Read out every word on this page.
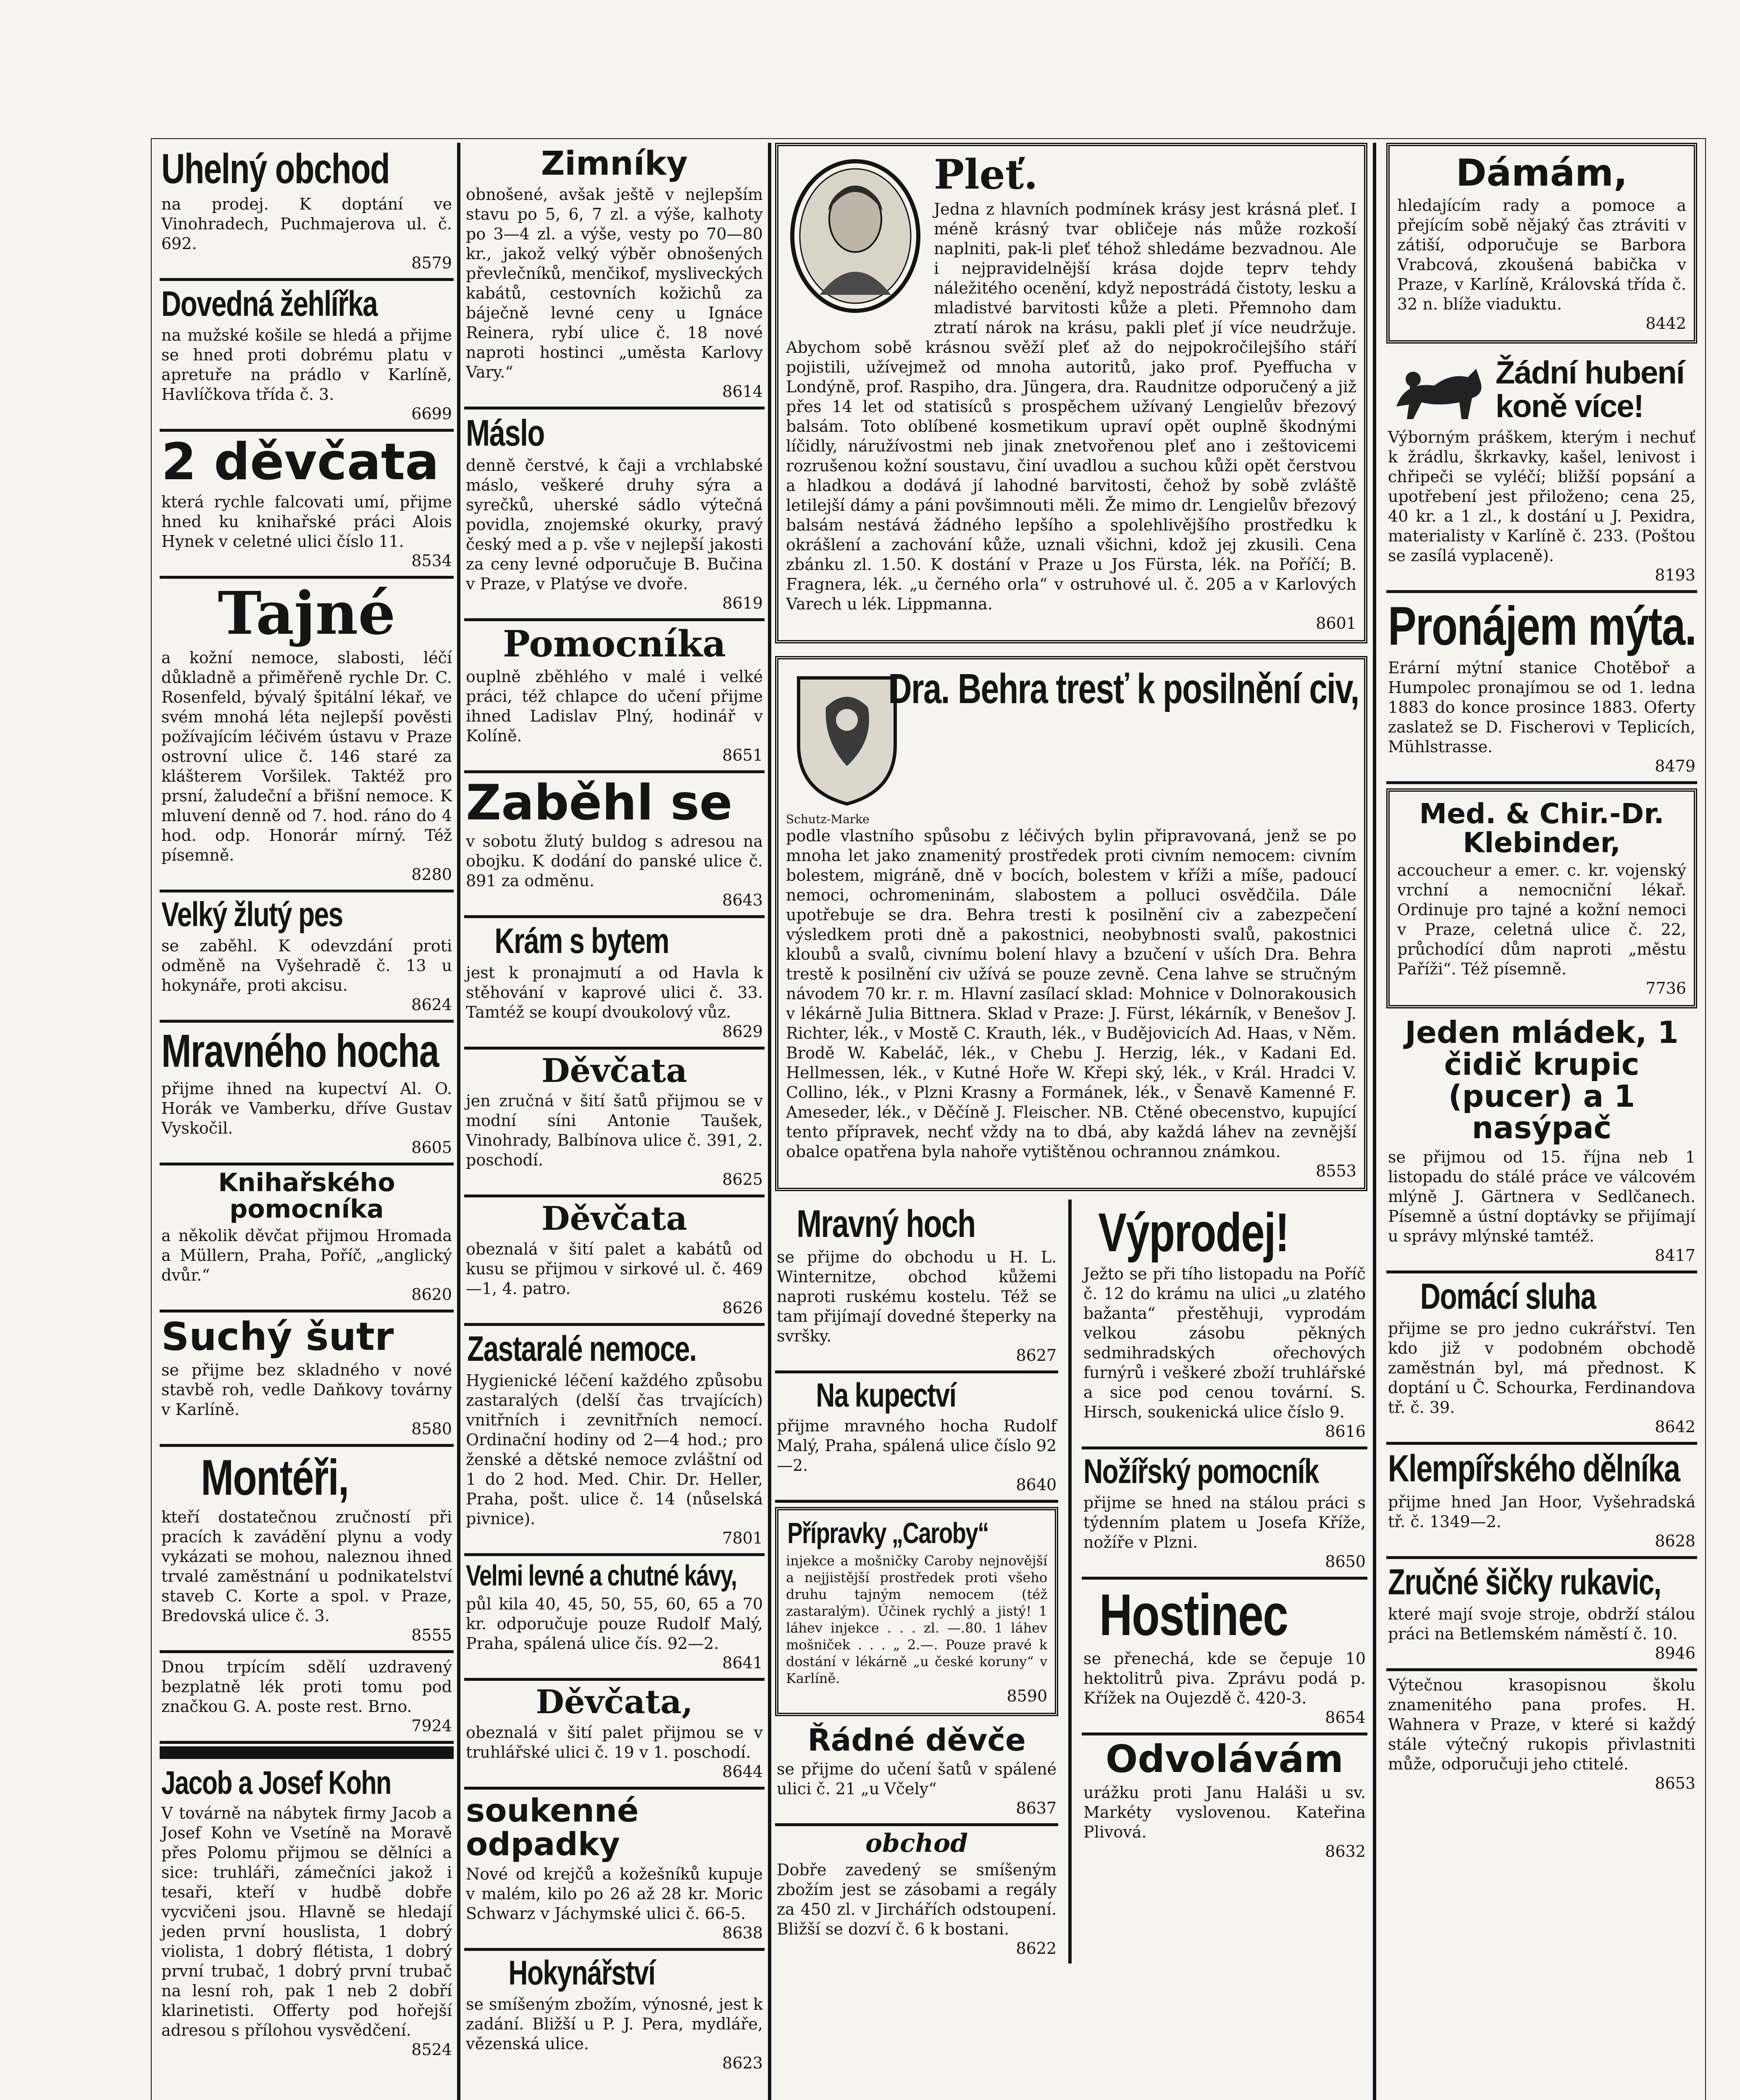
Uhelný obchod

na prodej. K doptání ve Vinohradech, Puchmajerova ul. č. 692.

8579

Dovedná žehlířka

na mužské košile se hledá a přijme se hned proti dobrému platu v apretuře na prádlo v Karlíně, Havlíčkova třída č. 3.

6699

2 děvčata

která rychle falcovati umí, přijme hned ku knihařské práci Alois Hynek v celetné ulici číslo 11.

8534

Tajné

a kožní nemoce, slabosti, léčí důkladně a přiměřeně rychle Dr. C. Rosenfeld, bývalý špitální lékař, ve svém mnohá léta nejlepší pověsti požívajícím léčivém ústavu v Praze ostrovní ulice č. 146 staré za klášterem Voršilek. Taktéž pro prsní, žaludeční a břišní nemoce. K mluvení denně od 7. hod. ráno do 4 hod. odp. Honorár mírný. Též písemně.

8280

Velký žlutý pes

se zaběhl. K odevzdání proti odměně na Vyšehradě č. 13 u hokynáře, proti akcisu.

8624

Mravného hocha

přijme ihned na kupectví Al. O. Horák ve Vamberku, dříve Gustav Vyskočil.

8605

Knihařského pomocníka

a několik děvčat přijmou Hromada a Müllern, Praha, Poříč, „anglický dvůr.“

8620

Suchý šutr

se přijme bez skladného v nové stavbě roh, vedle Daňkovy továrny v Karlíně.

8580

Montéři,

kteří dostatečnou zručností při pracích k zavádění plynu a vody vykázati se mohou, naleznou ihned trvalé zaměstnání u podnikatelství staveb C. Korte a spol. v Praze, Bredovská ulice č. 3.

8555

Dnou trpícím sdělí uzdravený bezplatně lék proti tomu pod značkou G. A. poste rest. Brno.

7924

Jacob a Josef Kohn

V továrně na nábytek firmy Jacob a Josef Kohn ve Vsetíně na Moravě přes Polomu přijmou se dělníci a sice: truhláři, zámečníci jakož i tesaři, kteří v hudbě dobře vycvičeni jsou. Hlavně se hledají jeden první houslista, 1 dobrý violista, 1 dobrý flétista, 1 dobrý první trubač, 1 dobrý první trubač na lesní roh, pak 1 neb 2 dobří klarinetisti. Offerty pod hořejší adresou s přílohou vysvědčení.

8524

Zimníky

obnošené, avšak ještě v nejlepším stavu po 5, 6, 7 zl. a výše, kalhoty po 3—4 zl. a výše, vesty po 70—80 kr., jakož velký výběr obnošených převlečníků, menčikof, mysliveckých kabátů, cestovních kožichů za báječně levné ceny u Ignáce Reinera, rybí ulice č. 18 nové naproti hostinci „uměsta Karlovy Vary.“

8614

Máslo

denně čerstvé, k čaji a vrchlabské máslo, veškeré druhy sýra a syrečků, uherské sádlo výtečná povidla, znojemské okurky, pravý český med a p. vše v nejlepší jakosti za ceny levné odporučuje B. Bučina v Praze, v Platýse ve dvoře.

8619

Pomocníka

ouplně zběhlého v malé i velké práci, též chlapce do učení přijme ihned Ladislav Plný, hodinář v Kolíně.

8651

Zaběhl se

v sobotu žlutý buldog s adresou na obojku. K dodání do panské ulice č. 891 za odměnu.

8643

Krám s bytem

jest k pronajmutí a od Havla k stěhování v kaprové ulici č. 33. Tamtéž se koupí dvoukolový vůz.

8629

Děvčata

jen zručná v šití šatů přijmou se v modní síni Antonie Taušek, Vinohrady, Balbínova ulice č. 391, 2. poschodí.

8625

Děvčata

obeznalá v šití palet a kabátů od kusu se přijmou v sirkové ul. č. 469—1, 4. patro.

8626

Zastaralé nemoce.

Hygienické léčení každého způsobu zastaralých (delší čas trvajících) vnitřních i zevnitřních nemocí. Ordinační hodiny od 2—4 hod.; pro ženské a dětské nemoce zvláštní od 1 do 2 hod. Med. Chir. Dr. Heller, Praha, pošt. ulice č. 14 (nůselská pivnice).

7801

Velmi levné a chutné kávy,

půl kila 40, 45, 50, 55, 60, 65 a 70 kr. odporučuje pouze Rudolf Malý, Praha, spálená ulice čís. 92—2.

8641

Děvčata,

obeznalá v šití palet přijmou se v truhlářské ulici č. 19 v 1. poschodí.

8644

soukenné odpadky

Nové od krejčů a kožešníků kupuje v malém, kilo po 26 až 28 kr. Moric Schwarz v Jáchymské ulici č. 66-5.

8638

Hokynářství

se smíšeným zbožím, výnosné, jest k zadání. Bližší u P. J. Pera, mydláře, vězenská ulice.

8623

Pleť.

Jedna z hlavních podmínek krásy jest krásná pleť. I méně krásný tvar obličeje nás může rozkoší naplniti, pak-li pleť téhož shledáme bezvadnou. Ale i nejpravidelnější krása dojde teprv tehdy náležitého ocenění, když nepostrádá čistoty, lesku a mladistvé barvitosti kůže a pleti. Přemnoho dam ztratí nárok na krásu, pakli pleť jí více neudržuje. Abychom sobě krásnou svěží pleť až do nejpokročilejšího stáří pojistili, užívejmež od mnoha autoritů, jako prof. Pyeffucha v Londýně, prof. Raspiho, dra. Jüngera, dra. Raudnitze odporučený a již přes 14 let od statisíců s prospěchem užívaný Lengielův březový balsám. Toto oblíbené kosmetikum upraví opět ouplně škodnými líčidly, náružívostmi neb jinak znetvořenou pleť ano i zeštovicemi rozrušenou kožní soustavu, činí uvadlou a suchou kůži opět čerstvou a hladkou a dodává jí lahodné barvitosti, čehož by sobě zvláště letilejší dámy a páni povšimnouti měli. Že mimo dr. Lengielův březový balsám nestává žádného lepšího a spolehlivějšího prostředku k okrášlení a zachování kůže, uznali všichni, kdož jej zkusili. Cena zbánku zl. 1.50. K dostání v Praze u Jos Fürsta, lék. na Poříčí; B. Fragnera, lék. „u černého orla“ v ostruhové ul. č. 205 a v Karlových Varech u lék. Lippmanna.

8601

Dra. Behra tresť k posilnění civ,
Schutz-Marke

podle vlastního spůsobu z léčivých bylin připravovaná, jenž se po mnoha let jako znamenitý prostředek proti civním nemocem: civním bolestem, migráně, dně v bocích, bolestem v kříži a míše, padoucí nemoci, ochromeninám, slabostem a polluci osvědčila. Dále upotřebuje se dra. Behra tresti k posilnění civ a zabezpečení výsledkem proti dně a pakostnici, neobybnosti svalů, pakostnici kloubů a svalů, civnímu bolení hlavy a bzučení v uších Dra. Behra trestě k posilnění civ užívá se pouze zevně. Cena lahve se stručným návodem 70 kr. r. m. Hlavní zasílací sklad: Mohnice v Dolnorakousich v lékárně Julia Bittnera. Sklad v Praze: J. Fürst, lékárník, v Benešov J. Richter, lék., v Mostě C. Krauth, lék., v Budějovicích Ad. Haas, v Něm. Brodě W. Kabeláč, lék., v Chebu J. Herzig, lék., v Kadani Ed. Hellmessen, lék., v Kutné Hoře W. Křepi ský, lék., v Král. Hradci V. Collino, lék., v Plzni Krasny a Formánek, lék., v Šenavě Kamenné F. Ameseder, lék., v Děčíně J. Fleischer. NB. Ctěné obecenstvo, kupující tento přípravek, nechť vždy na to dbá, aby každá láhev na zevnější obalce opatřena byla nahoře vytištěnou ochrannou známkou.

8553

Mravný hoch

se přijme do obchodu u H. L. Winternitze, obchod kůžemi naproti ruskému kostelu. Též se tam přijímají dovedné šteperky na svršky.

8627

Na kupectví

přijme mravného hocha Rudolf Malý, Praha, spálená ulice číslo 92—2.

8640

Přípravky „Caroby“

injekce a mošničky Caroby nejnovější a nejjistější prostředek proti všeho druhu tajným nemocem (též zastaralým). Účinek rychlý a jistý! 1 láhev injekce . . . zl. —.80. 1 láhev mošniček . . . „ 2.—. Pouze pravé k dostání v lékárně „u české koruny“ v Karlíně.

8590

Řádné děvče

se přijme do učení šatů v spálené ulici č. 21 „u Včely“

8637

obchod

Dobře zavedený se smíšeným zbožím jest se zásobami a regály za 450 zl. v Jirchářích odstoupení. Bližší se dozví č. 6 k bostani.

8622

Výprodej!

Ježto se při tího listopadu na Poříč č. 12 do krámu na ulici „u zlatého bažanta“ přestěhuji, vyprodám velkou zásobu pěkných sedmihradských ořechových furnýrů i veškeré zboží truhlářské a sice pod cenou tovární. S. Hirsch, soukenická ulice číslo 9.

8616

Nožířský pomocník

přijme se hned na stálou práci s týdenním platem u Josefa Kříže, nožíře v Plzni.

8650

Hostinec

se přenechá, kde se čepuje 10 hektolitrů piva. Zprávu podá p. Křížek na Oujezdě č. 420-3.

8654

Odvolávám

urážku proti Janu Haláši u sv. Markéty vyslovenou. Kateřina Plivová.

8632

Dámám,

hledajícím rady a pomoce a přejícím sobě nějaký čas ztráviti v zátiší, odporučuje se Barbora Vrabcová, zkoušená babička v Praze, v Karlíně, Královská třída č. 32 n. blíže viaduktu.

8442

Žádní hubení koně více!

Výborným práškem, kterým i nechuť k žrádlu, škrkavky, kašel, lenivost i chřipeči se vyléčí; bližší popsání a upotřebení jest přiloženo; cena 25, 40 kr. a 1 zl., k dostání u J. Pexidra, materialisty v Karlíně č. 233. (Poštou se zasílá vyplaceně).

8193

Pronájem mýta.

Erární mýtní stanice Chotěboř a Humpolec pronajímou se od 1. ledna 1883 do konce prosince 1883. Oferty zaslatež se D. Fischerovi v Teplicích, Mühlstrasse.

8479

Med. & Chir.-Dr. Klebinder,

accoucheur a emer. c. kr. vojenský vrchní a nemocniční lékař. Ordinuje pro tajné a kožní nemoci v Praze, celetná ulice č. 22, průchodící dům naproti „městu Paříži“. Též písemně.

7736

Jeden mládek, 1 čidič krupic (pucer) a 1 nasýpač

se přijmou od 15. října neb 1 listopadu do stálé práce ve válcovém mlýně J. Gärtnera v Sedlčanech. Písemně a ústní doptávky se přijímají u správy mlýnské tamtéž.

8417

Domácí sluha

přijme se pro jedno cukrářství. Ten kdo již v podobném obchodě zaměstnán byl, má přednost. K doptání u Č. Schourka, Ferdinandova tř. č. 39.

8642

Klempířského dělníka

přijme hned Jan Hoor, Vyšehradská tř. č. 1349—2.

8628

Zručné šičky rukavic,

které mají svoje stroje, obdrží stálou práci na Betlemském náměstí č. 10.

8946

Výtečnou krasopisnou školu znamenitého pana profes. H. Wahnera v Praze, v které si každý stále výtečný rukopis přivlastniti může, odporučuji jeho ctitelé.

8653
